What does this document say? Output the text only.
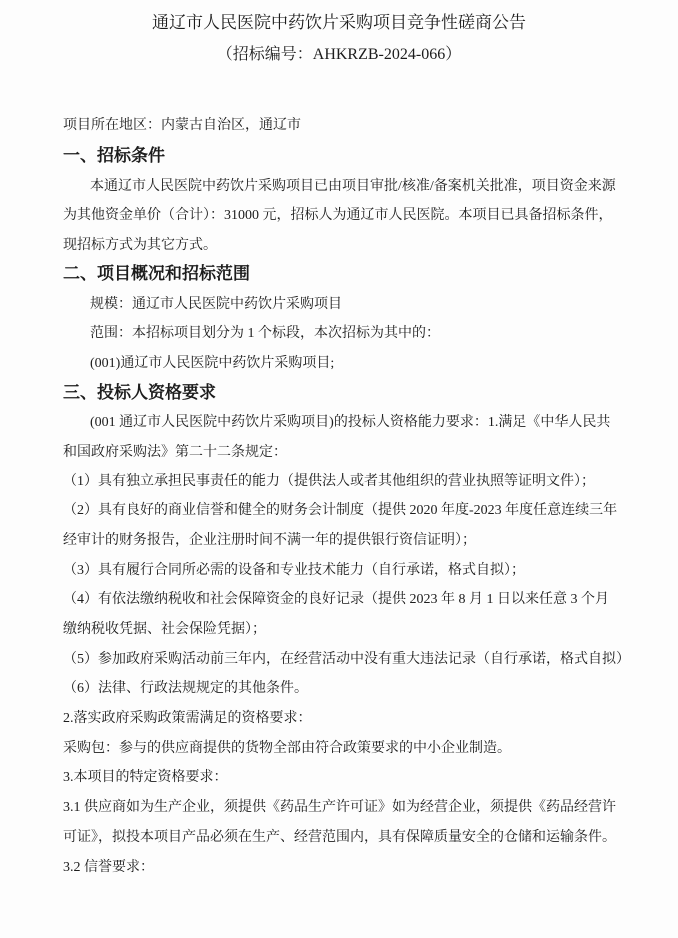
通辽市人民医院中药饮片采购项目竞争性磋商公告
（招标编号：AHKRZB-2024-066）
项目所在地区：内蒙古自治区，通辽市
一、招标条件
本通辽市人民医院中药饮片采购项目已由项目审批/核准/备案机关批准，项目资金来源
为其他资金单价（合计）：31000 元，招标人为通辽市人民医院。本项目已具备招标条件，
现招标方式为其它方式。
二、项目概况和招标范围
规模：通辽市人民医院中药饮片采购项目
范围：本招标项目划分为 1 个标段，本次招标为其中的：
(001)通辽市人民医院中药饮片采购项目;
三、投标人资格要求
(001 通辽市人民医院中药饮片采购项目)的投标人资格能力要求：1.满足《中华人民共
和国政府采购法》第二十二条规定：
（1）具有独立承担民事责任的能力（提供法人或者其他组织的营业执照等证明文件）；
（2）具有良好的商业信誉和健全的财务会计制度（提供 2020 年度-2023 年度任意连续三年
经审计的财务报告，企业注册时间不满一年的提供银行资信证明）；
（3）具有履行合同所必需的设备和专业技术能力（自行承诺，格式自拟）；
（4）有依法缴纳税收和社会保障资金的良好记录（提供 2023 年 8 月 1 日以来任意 3 个月
缴纳税收凭据、社会保险凭据）；
（5）参加政府采购活动前三年内，在经营活动中没有重大违法记录（自行承诺，格式自拟）
（6）法律、行政法规规定的其他条件。
2.落实政府采购政策需满足的资格要求：
采购包：参与的供应商提供的货物全部由符合政策要求的中小企业制造。
3.本项目的特定资格要求：
3.1 供应商如为生产企业，须提供《药品生产许可证》如为经营企业，须提供《药品经营许
可证》，拟投本项目产品必须在生产、经营范围内，具有保障质量安全的仓储和运输条件。
3.2 信誉要求：
